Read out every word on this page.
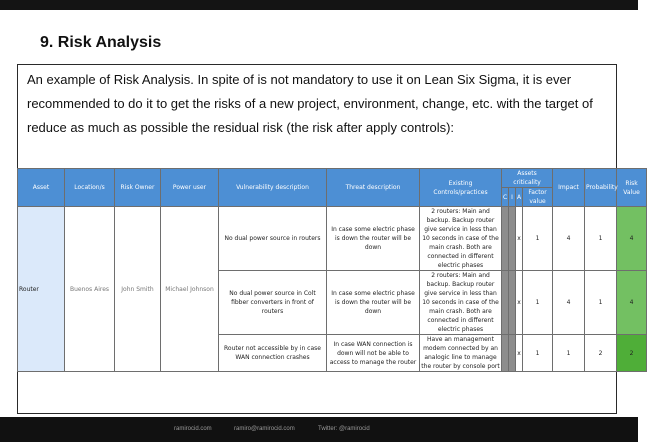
9. Risk Analysis

An example of Risk Analysis. In spite of is not mandatory to use it on Lean Six Sigma, it is ever recommended to do it to get the risks of a new project, environment, change, etc. with the target of reduce as much as possible the residual risk (the risk after apply controls):

Asset	Location/s	Risk Owner	Power user	Vulnerability description	Threat description	Existing Controls/practices	Assets criticality				Impact	Probability	Risk Value
							C	I	A	Factor value			
Router	Buenos Aires	John Smith	Michael Johnson	No dual power source in routers	In case some electric phase is down the router will be down	2 routers: Main and backup. Backup router give service in less than 10 seconds in case of the main crash. Both are connected in different electric phases			x	1	4	1	4
				No dual power source in Colt fibber converters in front of routers	In case some electric phase is down the router will be down	2 routers: Main and backup. Backup router give service in less than 10 seconds in case of the main crash. Both are connected in different electric phases			x	1	4	1	4
				Router not accessible by in case WAN connection crashes	In case WAN connection is down will not be able to access to manage the router	Have an management modem connected by an analogic line to manage the router by console port			x	1	1	2	2
ramirocid.com	ramiro@ramirocid.com	Twitter: @ramirocid
